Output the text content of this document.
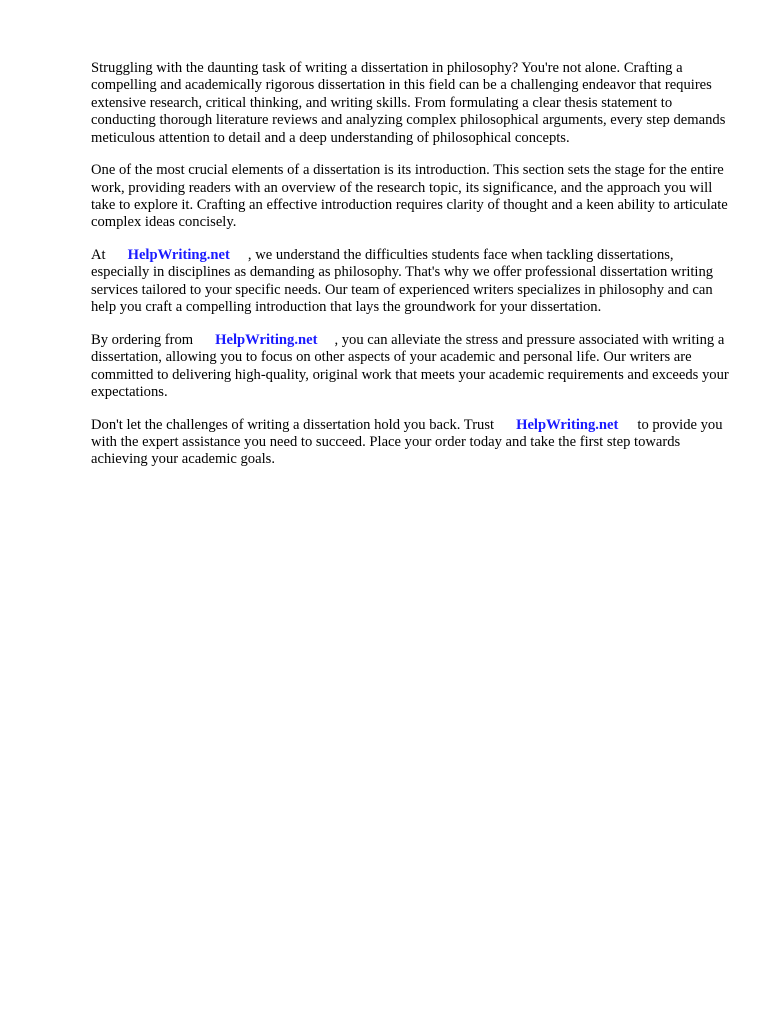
Struggling with the daunting task of writing a dissertation in philosophy? You're not alone. Crafting a compelling and academically rigorous dissertation in this field can be a challenging endeavor that requires extensive research, critical thinking, and writing skills. From formulating a clear thesis statement to conducting thorough literature reviews and analyzing complex philosophical arguments, every step demands meticulous attention to detail and a deep understanding of philosophical concepts.

One of the most crucial elements of a dissertation is its introduction. This section sets the stage for the entire work, providing readers with an overview of the research topic, its significance, and the approach you will take to explore it. Crafting an effective introduction requires clarity of thought and a keen ability to articulate complex ideas concisely.

At HelpWriting.net , we understand the difficulties students face when tackling dissertations, especially in disciplines as demanding as philosophy. That's why we offer professional dissertation writing services tailored to your specific needs. Our team of experienced writers specializes in philosophy and can help you craft a compelling introduction that lays the groundwork for your dissertation.

By ordering from HelpWriting.net , you can alleviate the stress and pressure associated with writing a dissertation, allowing you to focus on other aspects of your academic and personal life. Our writers are committed to delivering high-quality, original work that meets your academic requirements and exceeds your expectations.

Don't let the challenges of writing a dissertation hold you back. Trust HelpWriting.net to provide you with the expert assistance you need to succeed. Place your order today and take the first step towards achieving your academic goals.
